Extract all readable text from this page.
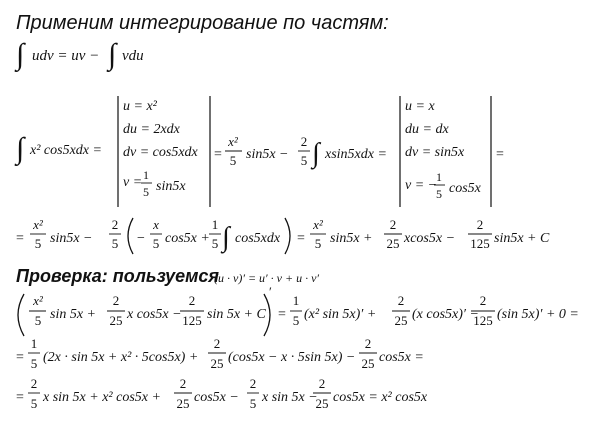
Применим интегрирование по частям:
∫ udv = uv − ∫ vdu
∫ x² cos5xdx =
u = x²
du = 2xdx
dv = cos5xdx
v = 1
5 sin5x
=
x²
5 sin5x −
2
5 ∫ xsin5xdx =
u = x
du = dx
dv = sin5x
v = −
1
5 cos5x
=
=
x²
5 sin5x −
2
5 −
x
5 cos5x +
1
5 ∫ cos5xdx =
x²
5 sin5x +
2
25 xcos5x −
2
125 sin5x + C
Проверка: пользуемся
(u · v)′ = u′ · v + u · v′
x²
5 sin 5x +
2
25 x cos5x −
2
125 sin 5x + C
′
=
1
5 (x² sin 5x)′ +
2
25 (x cos5x)′ −
2
125 (sin 5x)′ + 0 =
=
1
5 (2x · sin 5x + x² · 5cos5x) +
2
25 (cos5x − x · 5sin 5x) −
2
25 cos5x =
=
2
5 x sin 5x + x² cos5x +
2
25 cos5x −
2
5 x sin 5x −
2
25 cos5x = x² cos5x
